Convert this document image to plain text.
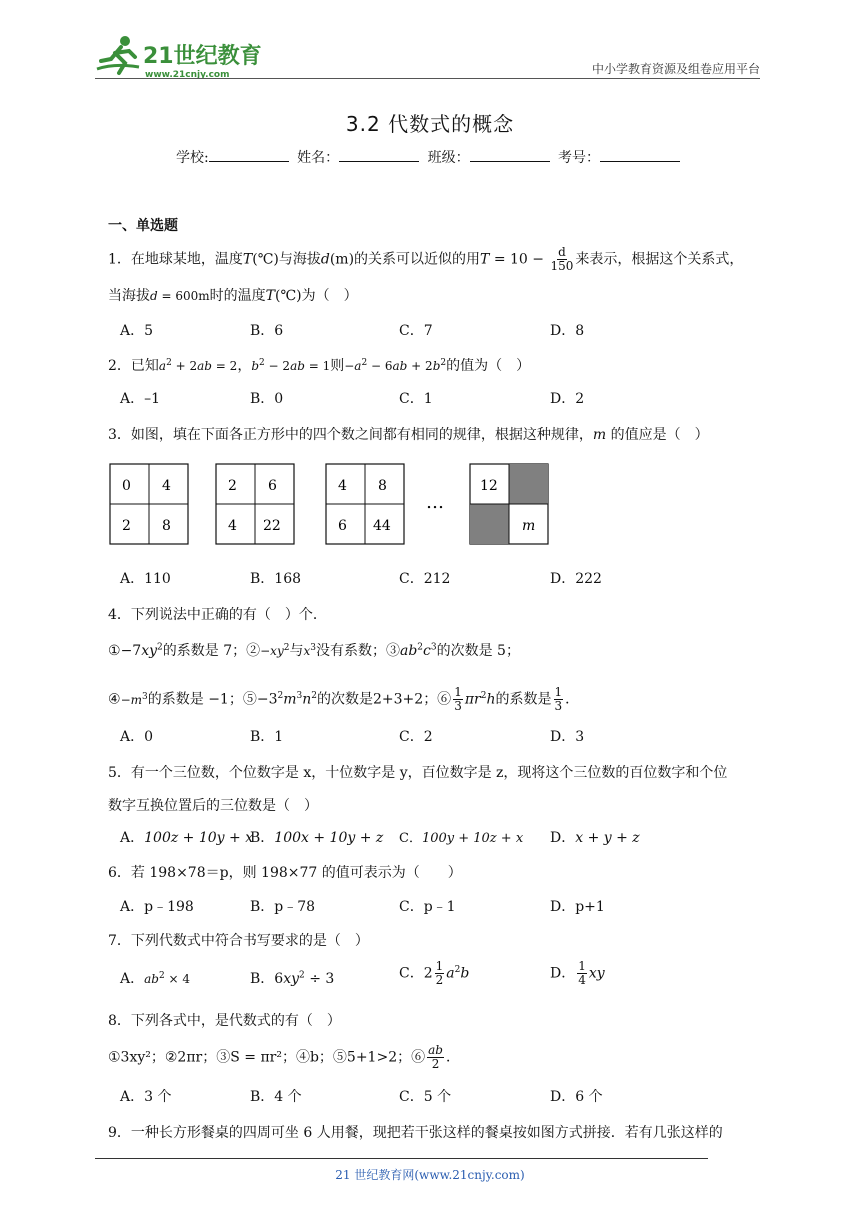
21世纪教育
www.21cnjy.com	中小学教育资源及组卷应用平台
3.2 代数式的概念
学校:	姓名：	班级：	考号：
一、单选题
1．在地球某地，温度T(℃)与海拔d(m)的关系可以近似的用$T = 10 - \frac{d}{150}$ 来表示，根据这个关系式，
当海拔d = 600m时的温度T(℃)为（　）
A．5	B．6	C．7	D．8
2．已知$a^2 + 2ab = 2$，$b^2 - 2ab = 1$则$-a^2 - 6ab + 2b^2$的值为（　）
A．–1	B．0	C．1	D．2
3．如图，填在下面各正方形中的四个数之间都有相同的规律，根据这种规律，m 的值应是（　）
0 4
2 8
2 6
4 22
4 8
6 44
…
12
m
A．110	B．168	C．212	D．222
4．下列说法中正确的有（　）个．
$①-7xy^2$的系数是 7；$②-xy^2$与$x^3$没有系数；$③ab^2c^3$的次数是 5；
$④-m^3$的系数是 −1；$⑤-3^2m^3n^2$的次数是2+3+2；⑥ $\frac{1}{3} \pi r^2h$的系数是 $\frac{1}{3}$ ．
A．0	B．1	C．2	D．3
5．有一个三位数，个位数字是 x，十位数字是 y，百位数字是 z，现将这个三位数的百位数字和个位
数字互换位置后的三位数是（　）
A．100z + 10y + x
B．100x + 10y + z C．100y + 10z + x D．x + y + z
6．若 198×78＝p，则 198×77 的值可表示为（　　）
A．p﹣198	B．p﹣78	C．p﹣1	D．p+1
7．下列代数式中符合书写要求的是（　）
A．$ab^2 \times 4$	B．$6xy^2 \div 3$	C．$2 \frac{1}{2} a^2b$	D． $\frac{1}{4}$ xy
8．下列各式中，是代数式的有（　）
①3xy²；②2πr；③S = πr²；④b；⑤5+1>2；⑥ $\frac{ab}{2}$ ．
A．3 个	B．4 个	C．5 个	D．6 个
9．一种长方形餐桌的四周可坐 6 人用餐，现把若干张这样的餐桌按如图方式拼接．若有几张这样的
21 世纪教育网(www.21cnjy.com)
